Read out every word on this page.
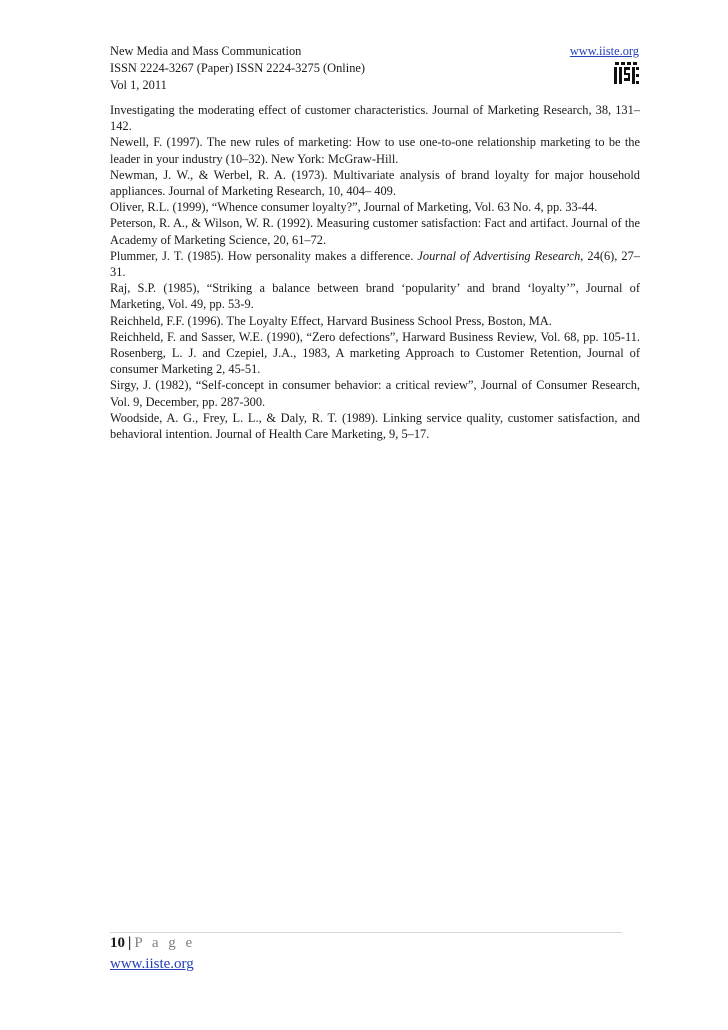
New Media and Mass Communication
ISSN 2224-3267 (Paper) ISSN 2224-3275 (Online)
Vol 1, 2011
www.iiste.org

Investigating the moderating effect of customer characteristics. Journal of Marketing Research, 38, 131–142.

Newell, F. (1997). The new rules of marketing: How to use one-to-one relationship marketing to be the leader in your industry (10–32). New York: McGraw-Hill.

Newman, J. W., & Werbel, R. A. (1973). Multivariate analysis of brand loyalty for major household appliances. Journal of Marketing Research, 10, 404– 409.

Oliver, R.L. (1999), “Whence consumer loyalty?”, Journal of Marketing, Vol. 63 No. 4, pp. 33-44.

Peterson, R. A., & Wilson, W. R. (1992). Measuring customer satisfaction: Fact and artifact. Journal of the Academy of Marketing Science, 20, 61–72.

Plummer, J. T. (1985). How personality makes a difference. Journal of Advertising Research, 24(6), 27–31.

Raj, S.P. (1985), “Striking a balance between brand ‘popularity’ and brand ‘loyalty’”, Journal of Marketing, Vol. 49, pp. 53-9.

Reichheld, F.F. (1996). The Loyalty Effect, Harvard Business School Press, Boston, MA.

Reichheld, F. and Sasser, W.E. (1990), “Zero defections”, Harward Business Review, Vol. 68, pp. 105-11. Rosenberg, L. J. and Czepiel, J.A., 1983, A marketing Approach to Customer Retention, Journal of consumer Marketing 2, 45-51.

Sirgy, J. (1982), “Self-concept in consumer behavior: a critical review”, Journal of Consumer Research, Vol. 9, December, pp. 287-300.

Woodside, A. G., Frey, L. L., & Daly, R. T. (1989). Linking service quality, customer satisfaction, and behavioral intention. Journal of Health Care Marketing, 9, 5–17.

10 | P a g e
www.iiste.org
